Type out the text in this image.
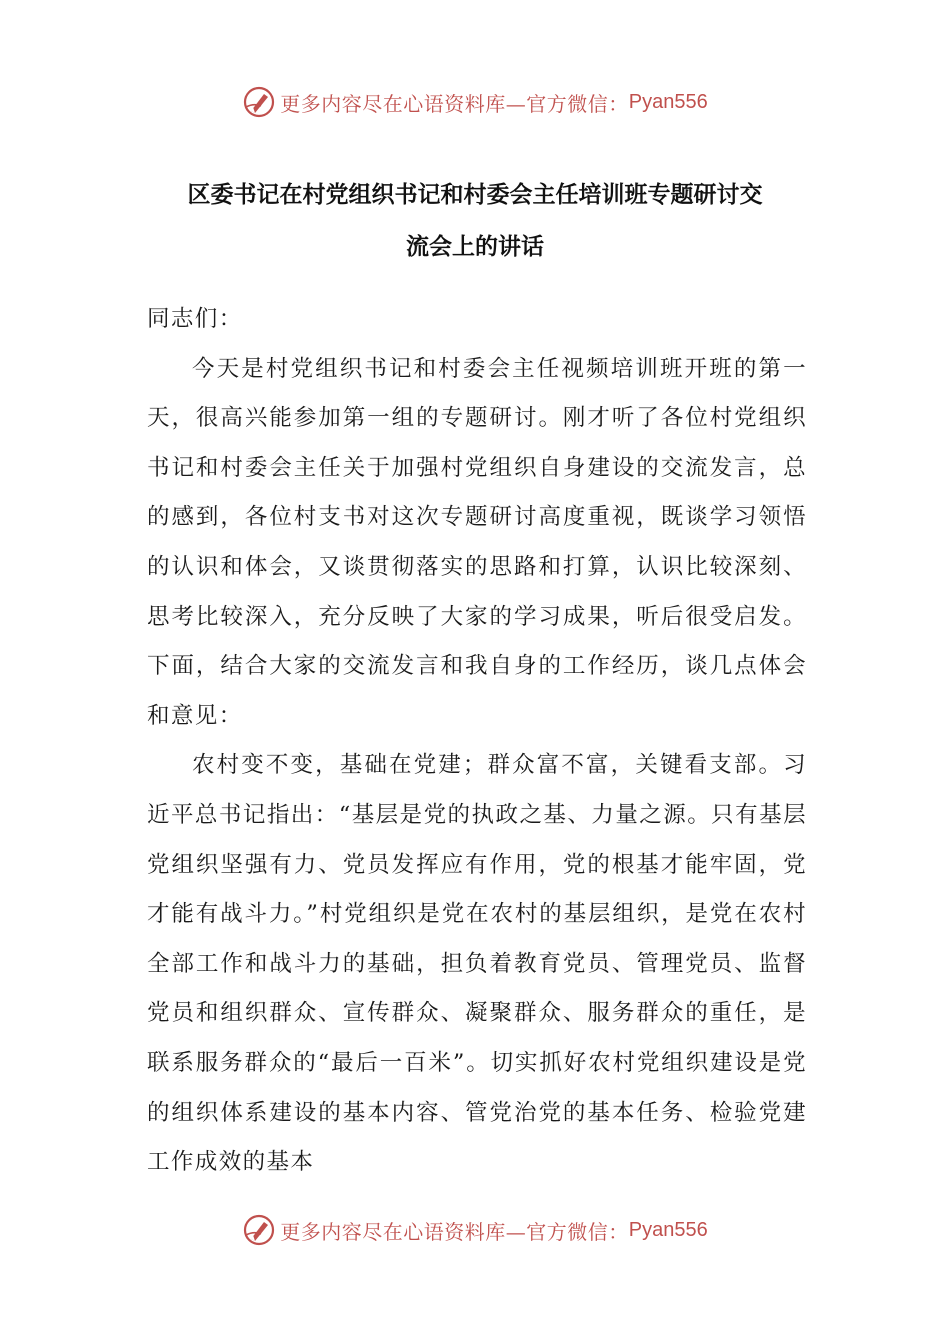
更多内容尽在心语资料库—官方微信： Pyan556
区委书记在村党组织书记和村委会主任培训班专题研讨交
流会上的讲话

同志们：

今天是村党组织书记和村委会主任视频培训班开班的第一天，很高兴能参加第一组的专题研讨。刚才听了各位村党组织书记和村委会主任关于加强村党组织自身建设的交流发言，总的感到，各位村支书对这次专题研讨高度重视，既谈学习领悟的认识和体会，又谈贯彻落实的思路和打算，认识比较深刻、思考比较深入，充分反映了大家的学习成果，听后很受启发。下面，结合大家的交流发言和我自身的工作经历，谈几点体会和意见：

农村变不变，基础在党建；群众富不富，关键看支部。习近平总书记指出：“基层是党的执政之基、力量之源。只有基层党组织坚强有力、党员发挥应有作用，党的根基才能牢固，党才能有战斗力。”村党组织是党在农村的基层组织，是党在农村全部工作和战斗力的基础，担负着教育党员、管理党员、监督党员和组织群众、宣传群众、凝聚群众、服务群众的重任，是联系服务群众的“最后一百米”。切实抓好农村党组织建设是党的组织体系建设的基本内容、管党治党的基本任务、检验党建工作成效的基本

更多内容尽在心语资料库—官方微信： Pyan556
